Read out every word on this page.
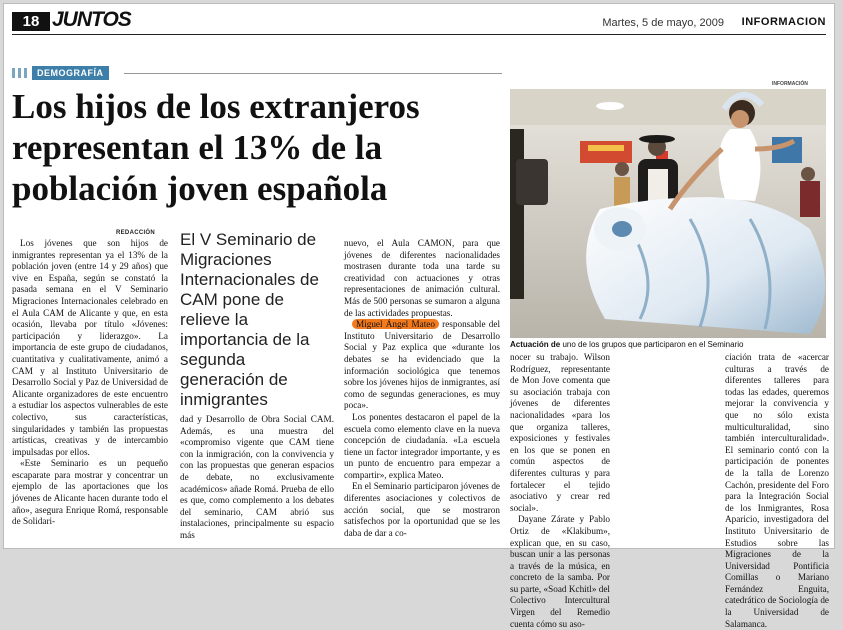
18 JUNTOS	Martes, 5 de mayo, 2009 INFORMACION
DEMOGRAFÍA
Los hijos de los extranjeros representan el 13% de la población joven española
INFORMACIÓN
Actuación de uno de los grupos que participaron en el Seminario
REDACCIÓN

Los jóvenes que son hijos de inmigrantes representan ya el 13% de la población joven (entre 14 y 29 años) que vive en España, según se constató la pasada semana en el V Seminario Migraciones Internacionales celebrado en el Aula CAM de Alicante y que, en esta ocasión, llevaba por título «Jóvenes: participación y liderazgo». La importancia de este grupo de ciudadanos, cuantitativa y cualitativamente, animó a CAM y al Instituto Universitario de Desarrollo Social y Paz de Universidad de Alicante organizadores de este encuentro a estudiar los aspectos vulnerables de este colectivo, sus características, singularidades y también las propuestas artísticas, creativas y de intercambio impulsadas por ellos.

«Este Seminario es un pequeño escaparate para mostrar y concentrar un ejemplo de las aportaciones que los jóvenes de Alicante hacen durante todo el año», asegura Enrique Romá, responsable de Solidari-

El V Seminario de Migraciones Internacionales de CAM pone de relieve la importancia de la segunda generación de inmigrantes

dad y Desarrollo de Obra Social CAM. Además, es una muestra del «compromiso vigente que CAM tiene con la inmigración, con la convivencia y con las propuestas que generan espacios de debate, no exclusivamente académicos» añade Romá. Prueba de ello es que, como complemento a los debates del seminario, CAM abrió sus instalaciones, principalmente su espacio más

nuevo, el Aula CAMON, para que jóvenes de diferentes nacionalidades mostrasen durante toda una tarde su creatividad con actuaciones y otras representaciones de animación cultural. Más de 500 personas se sumaron a alguna de las actividades propuestas.

Miguel Ángel Mateo responsable del Instituto Universitario de Desarrollo Social y Paz explica que «durante los debates se ha evidenciado que la información sociológica que tenemos sobre los jóvenes hijos de inmigrantes, así como de segundas generaciones, es muy poca».

Los ponentes destacaron el papel de la escuela como elemento clave en la nueva concepción de ciudadanía. «La escuela tiene un factor integrador importante, y es un punto de encuentro para empezar a compartir», explica Mateo.

En el Seminario participaron jóvenes de diferentes asociaciones y colectivos de acción social, que se mostraron satisfechos por la oportunidad que se les daba de dar a co-

nocer su trabajo. Wilson Rodríguez, representante de Mon Jove comenta que su asociación trabaja con jóvenes de diferentes nacionalidades «para los que organiza talleres, exposiciones y festivales en los que se ponen en común aspectos de diferentes culturas y para fortalecer el tejido asociativo y crear red social».

Dayane Zárate y Pablo Ortiz de «Klakibum», explican que, en su caso, buscan unir a las personas a través de la música, en concreto de la samba. Por su parte, «Soad Kchitl» del Colectivo Intercultural Virgen del Remedio cuenta cómo su aso-

ciación trata de «acercar culturas a través de diferentes talleres para todas las edades, queremos mejorar la convivencia y que no sólo exista multiculturalidad, sino también interculturalidad». El seminario contó con la participación de ponentes de la talla de Lorenzo Cachón, presidente del Foro para la Integración Social de los Inmigrantes, Rosa Aparicio, investigadora del Instituto Universitario de Estudios sobre las Migraciones de la Universidad Pontificia Comillas o Mariano Fernández Enguita, catedrático de Sociología de la Universidad de Salamanca.
